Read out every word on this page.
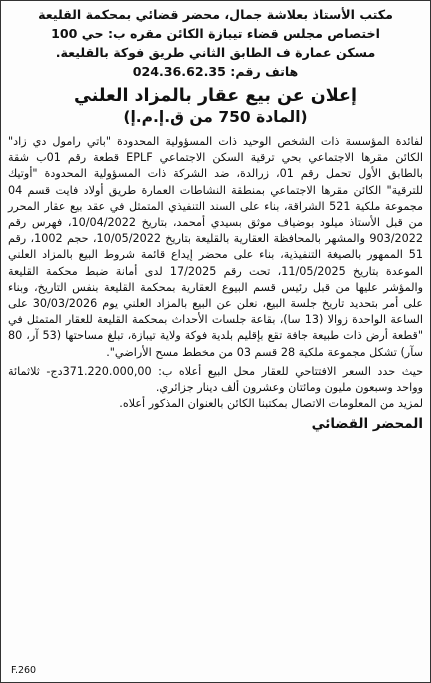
مكتب الأستاذ بعلاشة جمال، محضر قضائي بمحكمة القليعة

اختصاص مجلس قضاء تيبازة الكائن مقره ب: حي 100

مسكن عمارة ف الطابق الثاني طريق فوكة بالقليعة.

هاتف رقم: 024.36.62.35

إعلان عن بيع عقار بالمزاد العلني
(المادة 750 من ق.إ.م.إ)

لفائدة المؤسسة ذات الشخص الوحيد ذات المسؤولية المحدودة "باتي رامول دي زاد" الكائن مقرها الاجتماعي بحي ترقية السكن الاجتماعي EPLF قطعة رقم 01ب شقة بالطابق الأول تحمل رقم 01، زرالدة، ضد الشركة ذات المسؤولية المحدودة "أوتيك للترقية" الكائن مقرها الاجتماعي بمنطقة النشاطات العمارة طريق أولاد فايت قسم 04 مجموعة ملكية 521 الشراقة، بناء على السند التنفيذي المتمثل في عقد بيع عقار المحرر من قبل الأستاذ ميلود بوضياف موثق بسيدي أمحمد، بتاريخ 10/04/2022، فهرس رقم 903/2022 والمشهر بالمحافظة العقارية بالقليعة بتاريخ 10/05/2022، حجم 1002، رقم 51 الممهور بالصيغة التنفيذية، بناء على محضر إيداع قائمة شروط البيع بالمزاد العلني الموعدة بتاريخ 11/05/2025، تحت رقم 17/2025 لدى أمانة ضبط محكمة القليعة والمؤشر عليها من قبل رئيس قسم البيوع العقارية بمحكمة القليعة بنفس التاريخ، وبناء على أمر بتحديد تاريخ جلسة البيع، نعلن عن البيع بالمزاد العلني يوم 30/03/2026 على الساعة الواحدة زوالا (13 سا)، بقاعة جلسات الأحداث بمحكمة القليعة للعقار المتمثل في "قطعة أرض ذات طبيعة جافة تقع بإقليم بلدية فوكة ولاية تيبازة، تبلغ مساحتها (53 آر، 80 سآر) تشكل مجموعة ملكية 28 قسم 03 من مخطط مسح الأراضي".

حيث حدد السعر الافتتاحي للعقار محل البيع أعلاه ب: 371.220.000,00دج- ثلاثمائة وواحد وسبعون مليون ومائتان وعشرون ألف دينار جزائري.

لمزيد من المعلومات الاتصال بمكتبنا الكائن بالعنوان المذكور أعلاه.

المحضر القضائي
F.260
